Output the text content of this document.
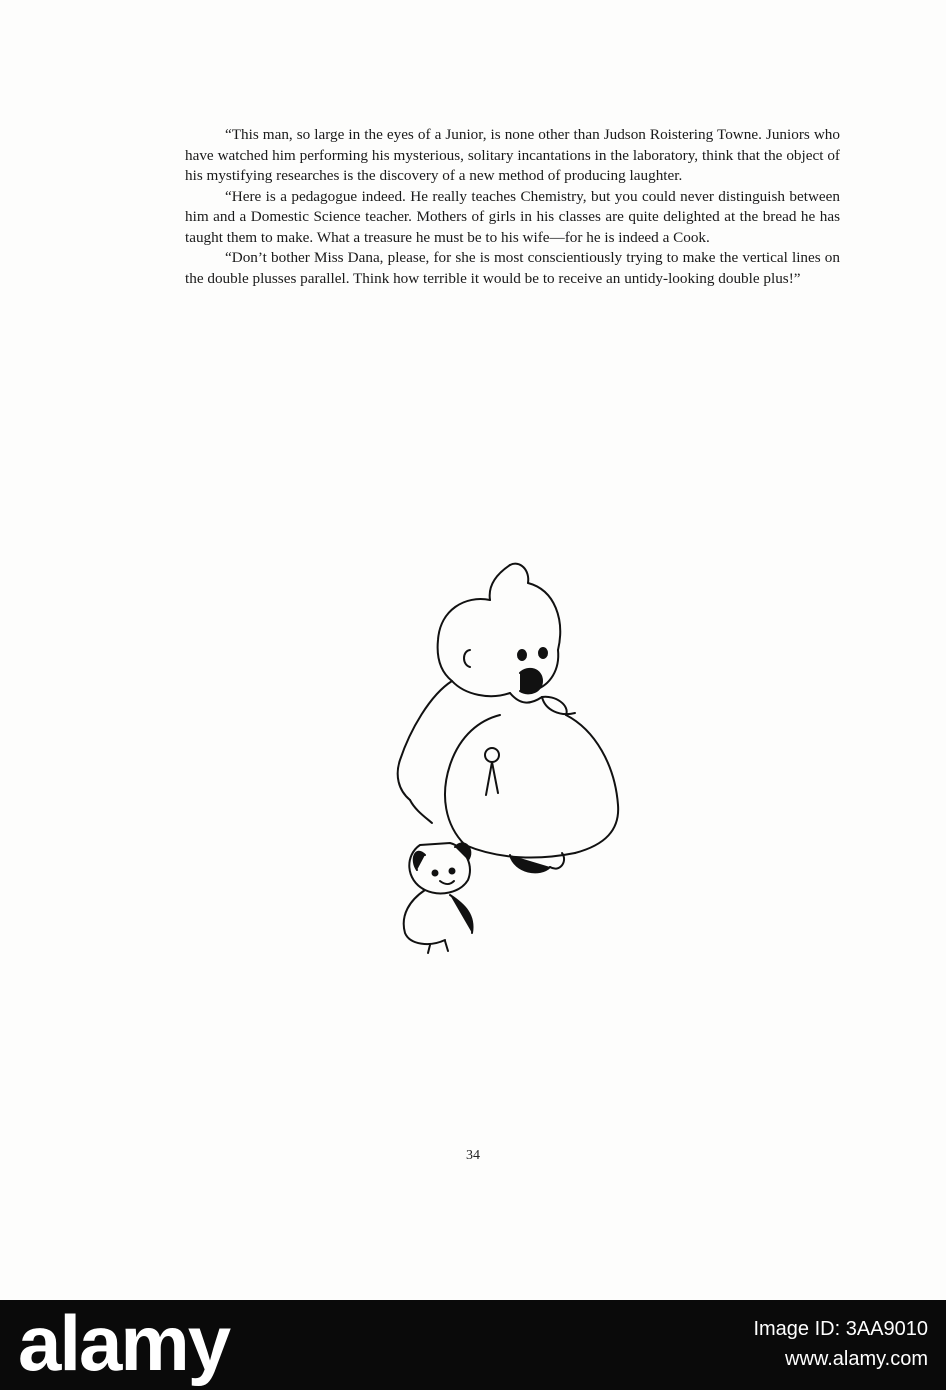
“This man, so large in the eyes of a Junior, is none other than Judson Roistering Towne. Juniors who have watched him performing his mysterious, solitary incantations in the laboratory, think that the object of his mystifying researches is the discovery of a new method of producing laughter.

“Here is a pedagogue indeed. He really teaches Chemistry, but you could never distinguish between him and a Domestic Science teacher. Mothers of girls in his classes are quite delighted at the bread he has taught them to make. What a treasure he must be to his wife—for he is indeed a Cook.

“Don’t bother Miss Dana, please, for she is most conscientiously trying to make the vertical lines on the double plusses parallel. Think how terrible it would be to receive an untidy-looking double plus!”

34
alamy	Image ID: 3AA9010
www.alamy.com
